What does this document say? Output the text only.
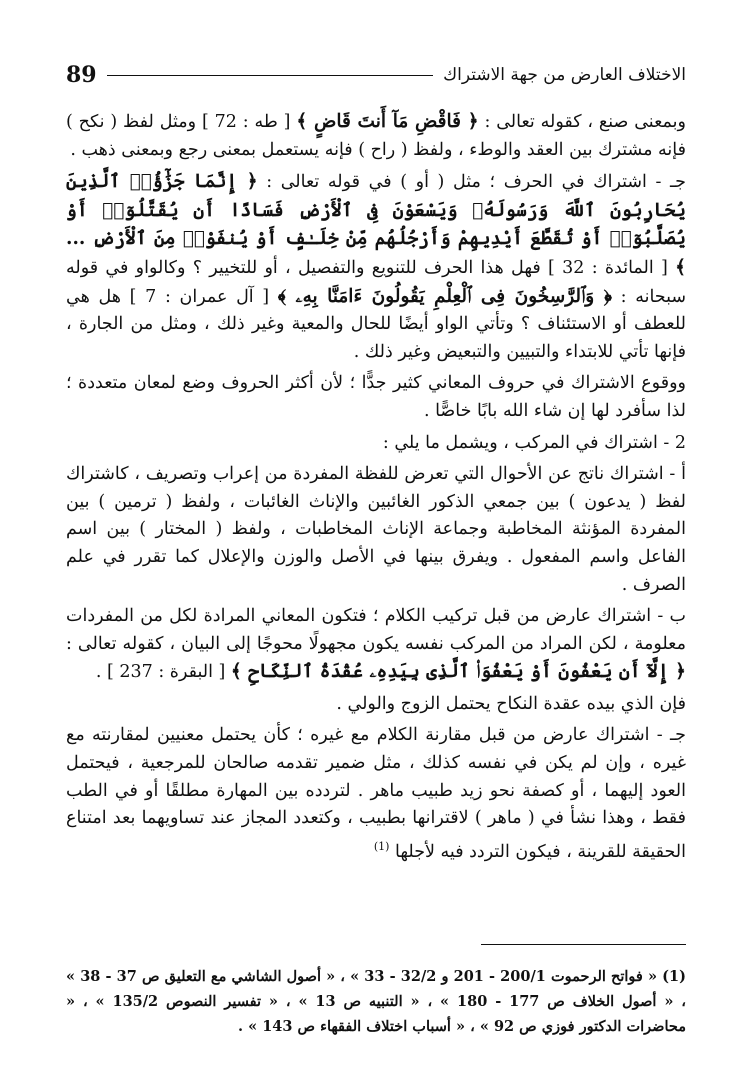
الاختلاف العارض من جهة الاشتراك
89

وبمعنى صنع ، كقوله تعالى : ﴿ فَاقْضِ مَآ أَنتَ قَاضٍ ﴾ [ طه : 72 ] ومثل لفظ ( نكح ) فإنه مشترك بين العقد والوطء ، ولفظ ( راح ) فإنه يستعمل بمعنى رجع وبمعنى ذهب .

جـ - اشتراك في الحرف ؛ مثل ( أو ) في قوله تعالى : ﴿ إِنَّمَا جَزَٰٓؤُا۟ ٱلَّذِينَ يُحَارِبُونَ ٱللَّهَ وَرَسُولَهُۥ وَيَسْعَوْنَ فِى ٱلْأَرْضِ فَسَادًا أَن يُقَتَّلُوٓا۟ أَوْ يُصَلَّبُوٓا۟ أَوْ تُقَطَّعَ أَيْدِيهِمْ وَأَرْجُلُهُم مِّنْ خِلَـٰفٍ أَوْ يُنفَوْا۟ مِنَ ٱلْأَرْضِ ... ﴾ [ المائدة : 32 ] فهل هذا الحرف للتنويع والتفصيل ، أو للتخيير ؟ وكالواو في قوله سبحانه : ﴿ وَٱلرَّٰسِخُونَ فِى ٱلْعِلْمِ يَقُولُونَ ءَامَنَّا بِهِۦ ﴾ [ آل عمران : 7 ] هل هي للعطف أو الاستئناف ؟ وتأتي الواو أيضًا للحال والمعية وغير ذلك ، ومثل من الجارة ، فإنها تأتي للابتداء والتبيين والتبعيض وغير ذلك .

ووقوع الاشتراك في حروف المعاني كثير جدًّا ؛ لأن أكثر الحروف وضع لمعان متعددة ؛ لذا سأفرد لها إن شاء الله بابًا خاصًّا .

2 - اشتراك في المركب ، ويشمل ما يلي :

أ - اشتراك ناتج عن الأحوال التي تعرض للفظة المفردة من إعراب وتصريف ، كاشتراك لفظ ( يدعون ) بين جمعي الذكور الغائبين والإناث الغائبات ، ولفظ ( ترمين ) بين المفردة المؤنثة المخاطبة وجماعة الإناث المخاطبات ، ولفظ ( المختار ) بين اسم الفاعل واسم المفعول . ويفرق بينها في الأصل والوزن والإعلال كما تقرر في علم الصرف .

ب - اشتراك عارض من قبل تركيب الكلام ؛ فتكون المعاني المرادة لكل من المفردات معلومة ، لكن المراد من المركب نفسه يكون مجهولًا محوجًا إلى البيان ، كقوله تعالى : ﴿ إِلَّآ أَن يَعْفُونَ أَوْ يَعْفُوَا۟ ٱلَّذِى بِيَدِهِۦ عُقْدَةُ ٱلنِّكَاحِ ﴾ [ البقرة : 237 ] .

فإن الذي بيده عقدة النكاح يحتمل الزوج والولي .

جـ - اشتراك عارض من قبل مقارنة الكلام مع غيره ؛ كأن يحتمل معنيين لمقارنته مع غيره ، وإن لم يكن في نفسه كذلك ، مثل ضمير تقدمه صالحان للمرجعية ، فيحتمل العود إليهما ، أو كصفة نحو زيد طبيب ماهر . لتردده بين المهارة مطلقًا أو في الطب فقط ، وهذا نشأ في ( ماهر ) لاقترانها بطبيب ، وكتعدد المجاز عند تساويهما بعد امتناع الحقيقة للقرينة ، فيكون التردد فيه لأجلها $^{(1)}$

(1) « فواتح الرحموت 200/1 - 201 و 32/2 - 33 » ، « أصول الشاشي مع التعليق ص 37 - 38 » ، « أصول الخلاف ص 177 - 180 » ، « التنبيه ص 13 » ، « تفسير النصوص 135/2 » ، « محاضرات الدكتور فوزي ص 92 » ، « أسباب اختلاف الفقهاء ص 143 » .
